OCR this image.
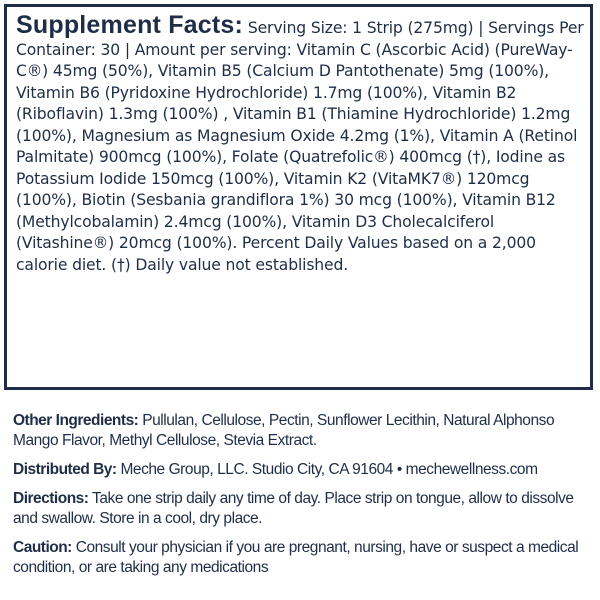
Supplement Facts: Serving Size: 1 Strip (275mg) | Servings Per Container: 30 | Amount per serving: Vitamin C (Ascorbic Acid) (PureWay-C®) 45mg (50%), Vitamin B5 (Calcium D Pantothenate) 5mg (100%), Vitamin B6 (Pyridoxine Hydrochloride) 1.7mg (100%), Vitamin B2 (Riboflavin) 1.3mg (100%) , Vitamin B1 (Thiamine Hydrochloride) 1.2mg (100%), Magnesium as Magnesium Oxide 4.2mg (1%), Vitamin A (Retinol Palmitate) 900mcg (100%), Folate (Quatrefolic®) 400mcg (†), Iodine as Potassium Iodide 150mcg (100%), Vitamin K2 (VitaMK7®) 120mcg (100%), Biotin (Sesbania grandiflora 1%) 30 mcg (100%), Vitamin B12 (Methylcobalamin) 2.4mcg (100%), Vitamin D3 Cholecalciferol (Vitashine®) 20mcg (100%). Percent Daily Values based on a 2,000 calorie diet. (†) Daily value not established.

Other Ingredients: Pullulan, Cellulose, Pectin, Sunflower Lecithin, Natural Alphonso Mango Flavor, Methyl Cellulose, Stevia Extract.

Distributed By: Meche Group, LLC. Studio City, CA 91604 • mechewellness.com

Directions: Take one strip daily any time of day. Place strip on tongue, allow to dissolve and swallow. Store in a cool, dry place.

Caution: Consult your physician if you are pregnant, nursing, have or suspect a medical condition, or are taking any medications
